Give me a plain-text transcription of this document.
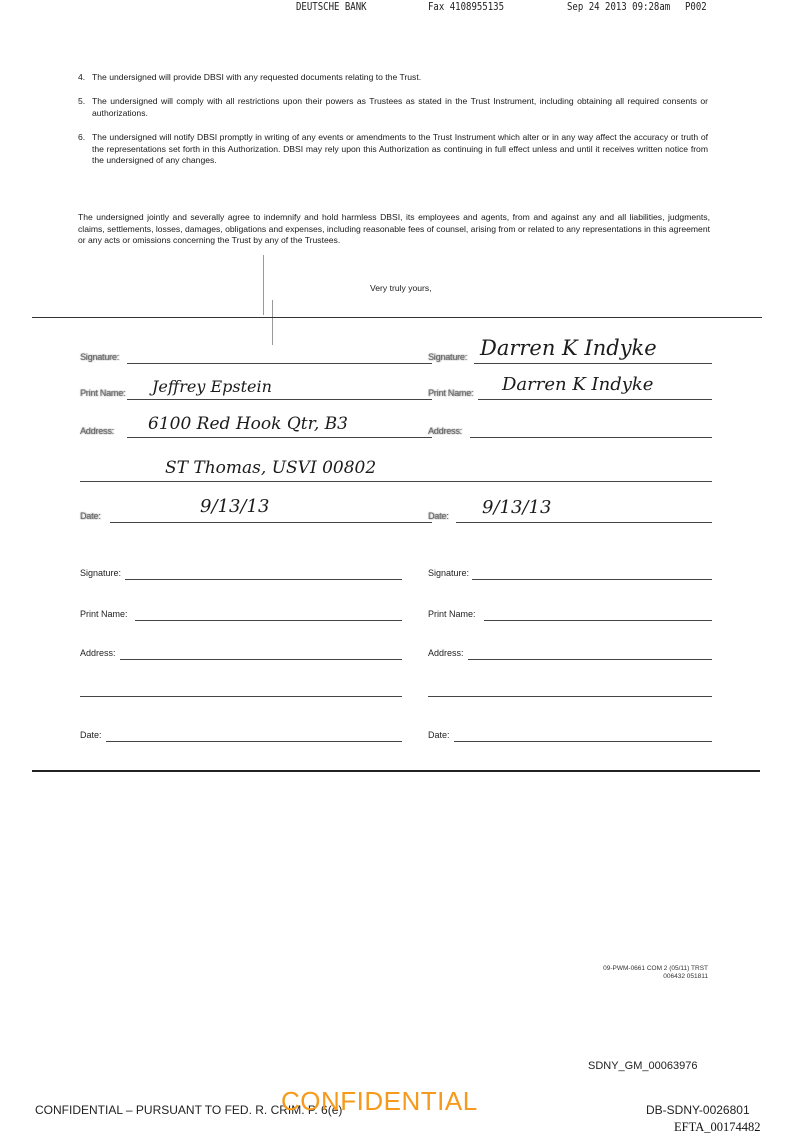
DEUTSCHE BANK	Fax 4108955135	Sep 24 2013 09:28am P002
4. The undersigned will provide DBSI with any requested documents relating to the Trust.
5. The undersigned will comply with all restrictions upon their powers as Trustees as stated in the Trust Instrument, including obtaining all required consents or authorizations.
6. The undersigned will notify DBSI promptly in writing of any events or amendments to the Trust Instrument which alter or in any way affect the accuracy or truth of the representations set forth in this Authorization. DBSI may rely upon this Authorization as continuing in full effect unless and until it receives written notice from the undersigned of any changes.
The undersigned jointly and severally agree to indemnify and hold harmless DBSI, its employees and agents, from and against any and all liabilities, judgments, claims, settlements, losses, damages, obligations and expenses, including reasonable fees of counsel, arising from or related to any representations in this agreement or any acts or omissions concerning the Trust by any of the Trustees.
Very truly yours,
Signature:
Print Name: Jeffrey Epstein
Address: 6100 Red Hook Qtr, B3
ST Thomas, USVI 00802
Date:	9/13/13
Signature: Darren K Indyke
Print Name: Darren K Indyke
Address:
Date: 9/13/13
Signature:
Print Name:
Address:
Date:
Signature:
Print Name:
Address:
Date:
09-PWM-0661 COM 2 (05/11) TRST
006432 051811
SDNY_GM_00063976
CONFIDENTIAL – PURSUANT TO FED. R. CRIM. P. 6(e)
CONFIDENTIAL	DB-SDNY-0026801
EFTA_00174482
